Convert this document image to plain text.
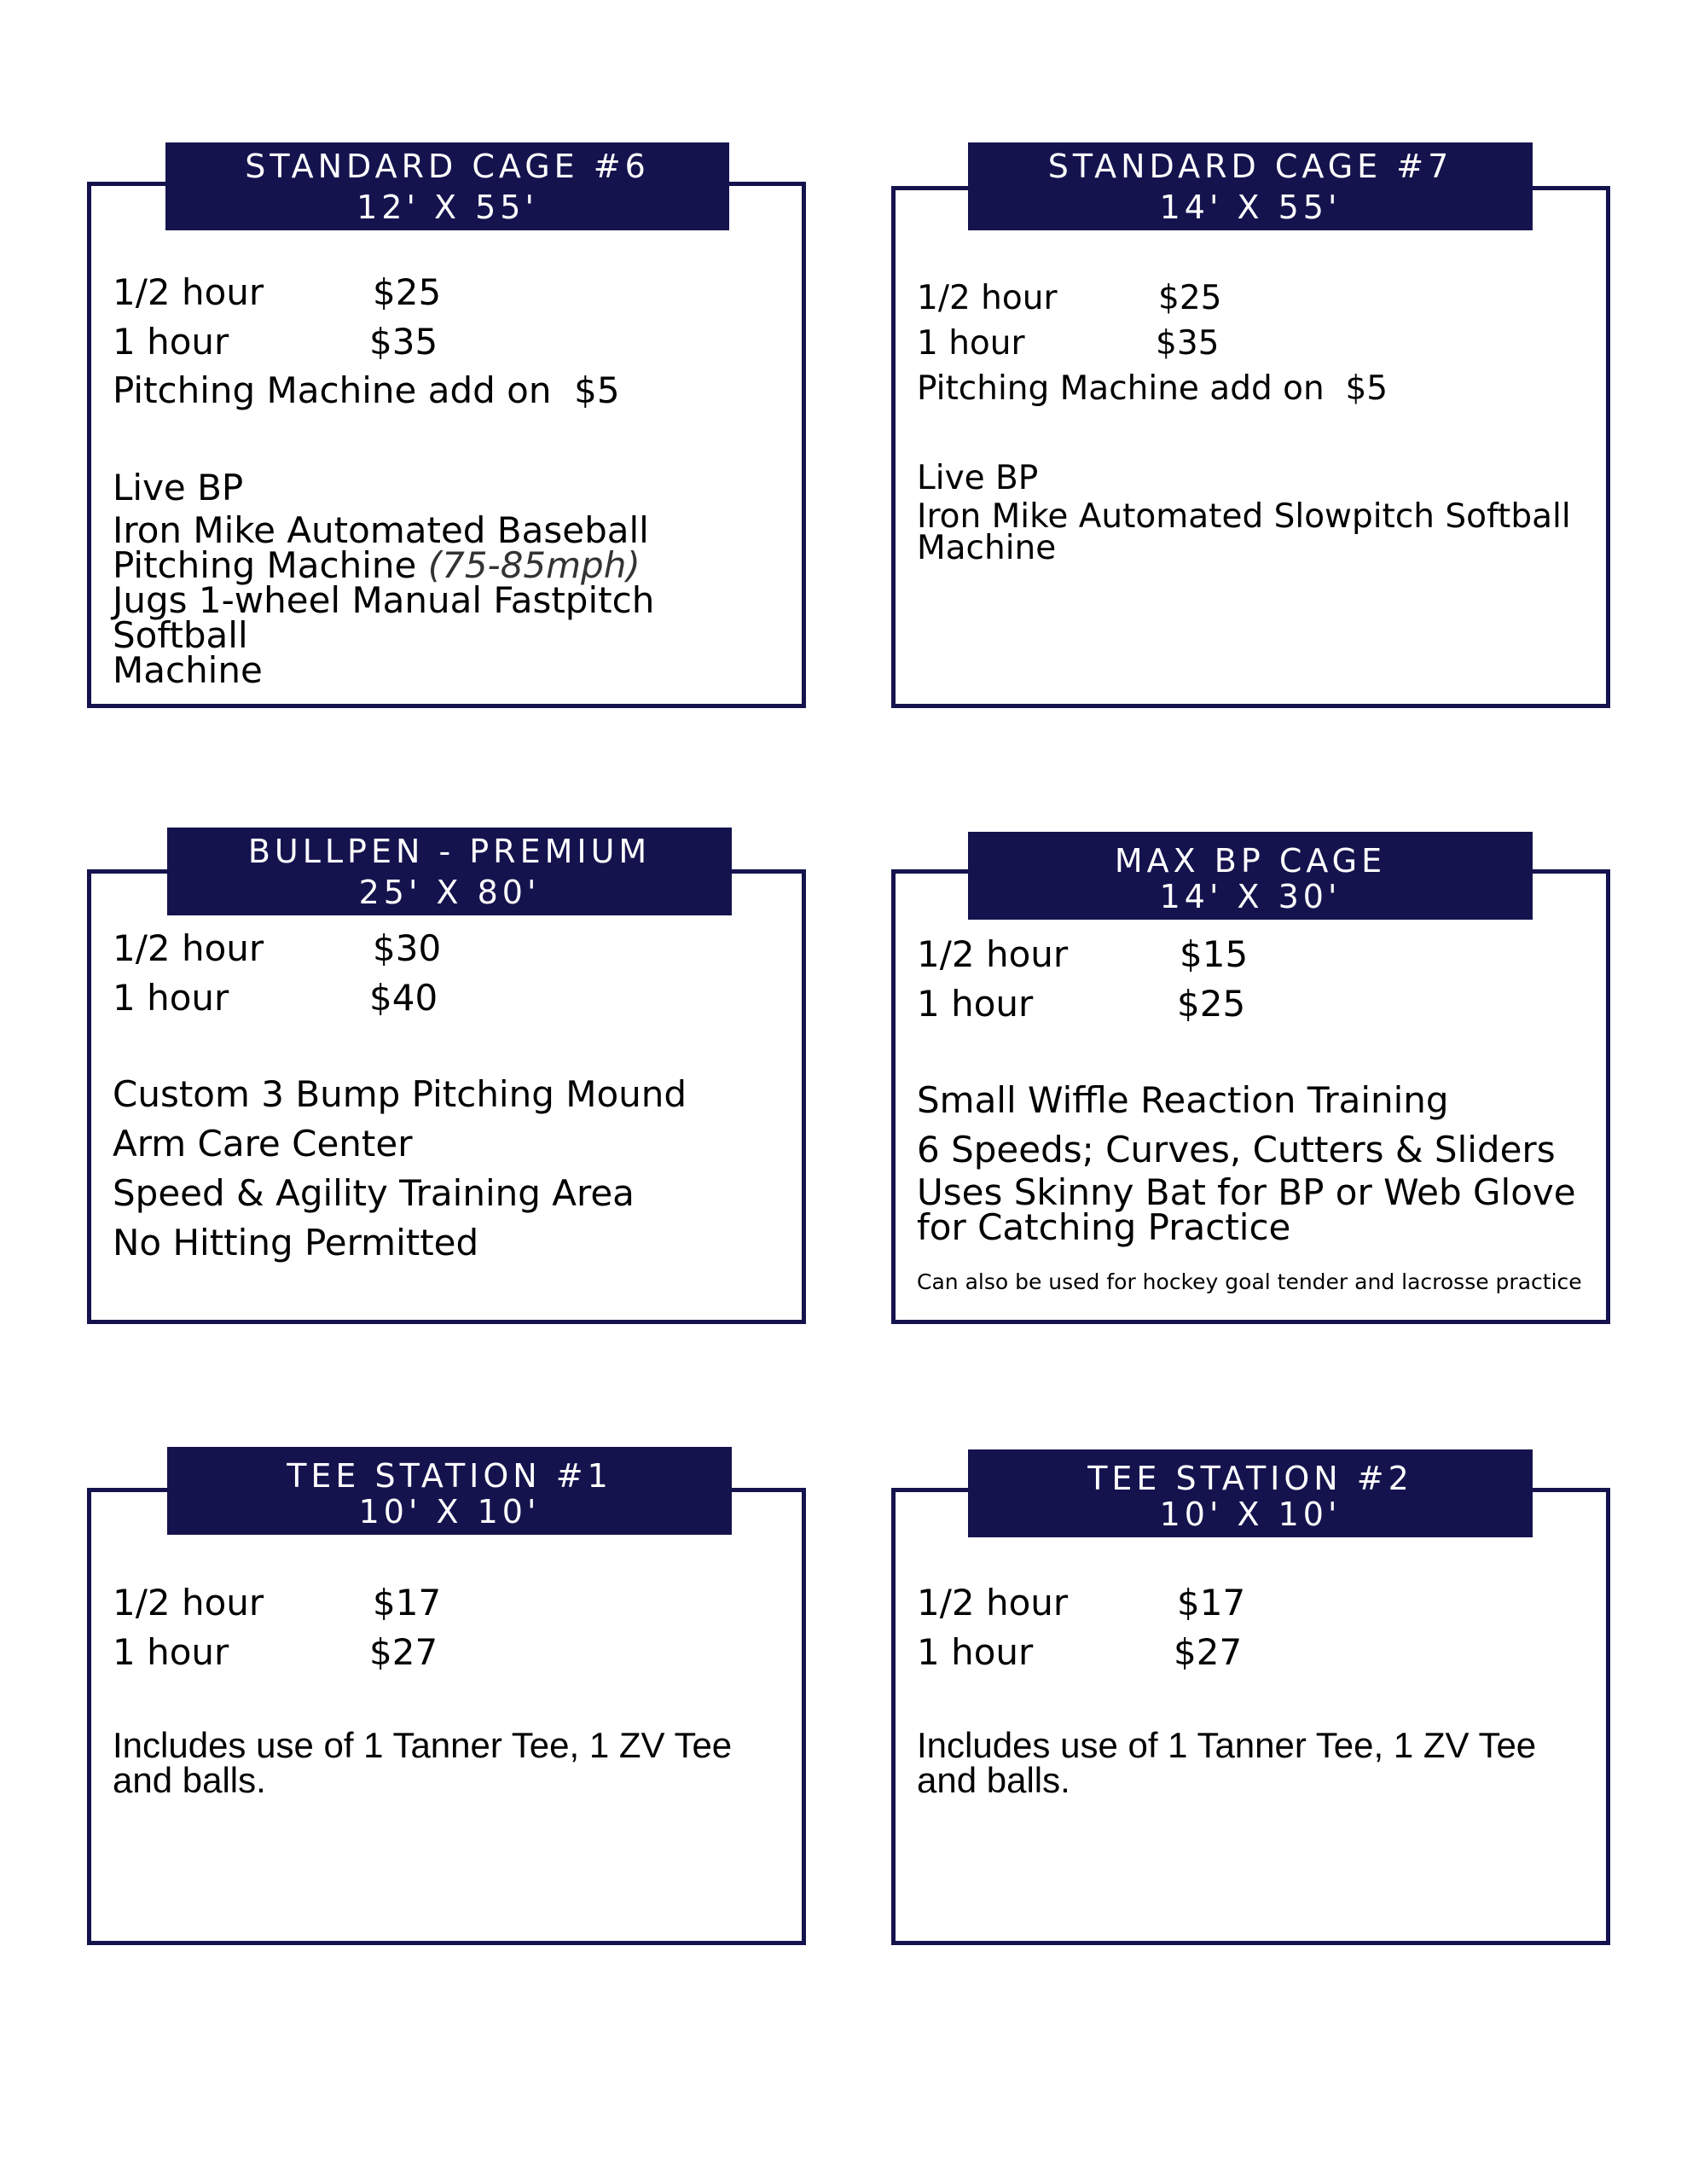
1/2 hour	$25
1 hour	$35
Pitching Machine add on  $5
Live BP
Iron Mike Automated Baseball
Pitching Machine (75-85mph)
Jugs 1-wheel Manual Fastpitch Softball
Machine
STANDARD CAGE #6
12' X 55'
1/2 hour	$25
1 hour	$35
Pitching Machine add on  $5
Live BP
Iron Mike Automated Slowpitch Softball
Machine
STANDARD CAGE #7
14' X 55'
1/2 hour	$30
1 hour	$40
Custom 3 Bump Pitching Mound
Arm Care Center
Speed & Agility Training Area
No Hitting Permitted
BULLPEN - PREMIUM
25' X 80'
1/2 hour	$15
1 hour	$25
Small Wiffle Reaction Training
6 Speeds; Curves, Cutters & Sliders
Uses Skinny Bat for BP or Web Glove
for Catching Practice
Can also be used for hockey goal tender and lacrosse practice
MAX BP CAGE
14' X 30'
1/2 hour	$17
1 hour	$27
Includes use of 1 Tanner Tee, 1 ZV Tee
and balls.
TEE STATION #1
10' X 10'
1/2 hour	$17
1 hour	$27
Includes use of 1 Tanner Tee, 1 ZV Tee
and balls.
TEE STATION #2
10' X 10'
